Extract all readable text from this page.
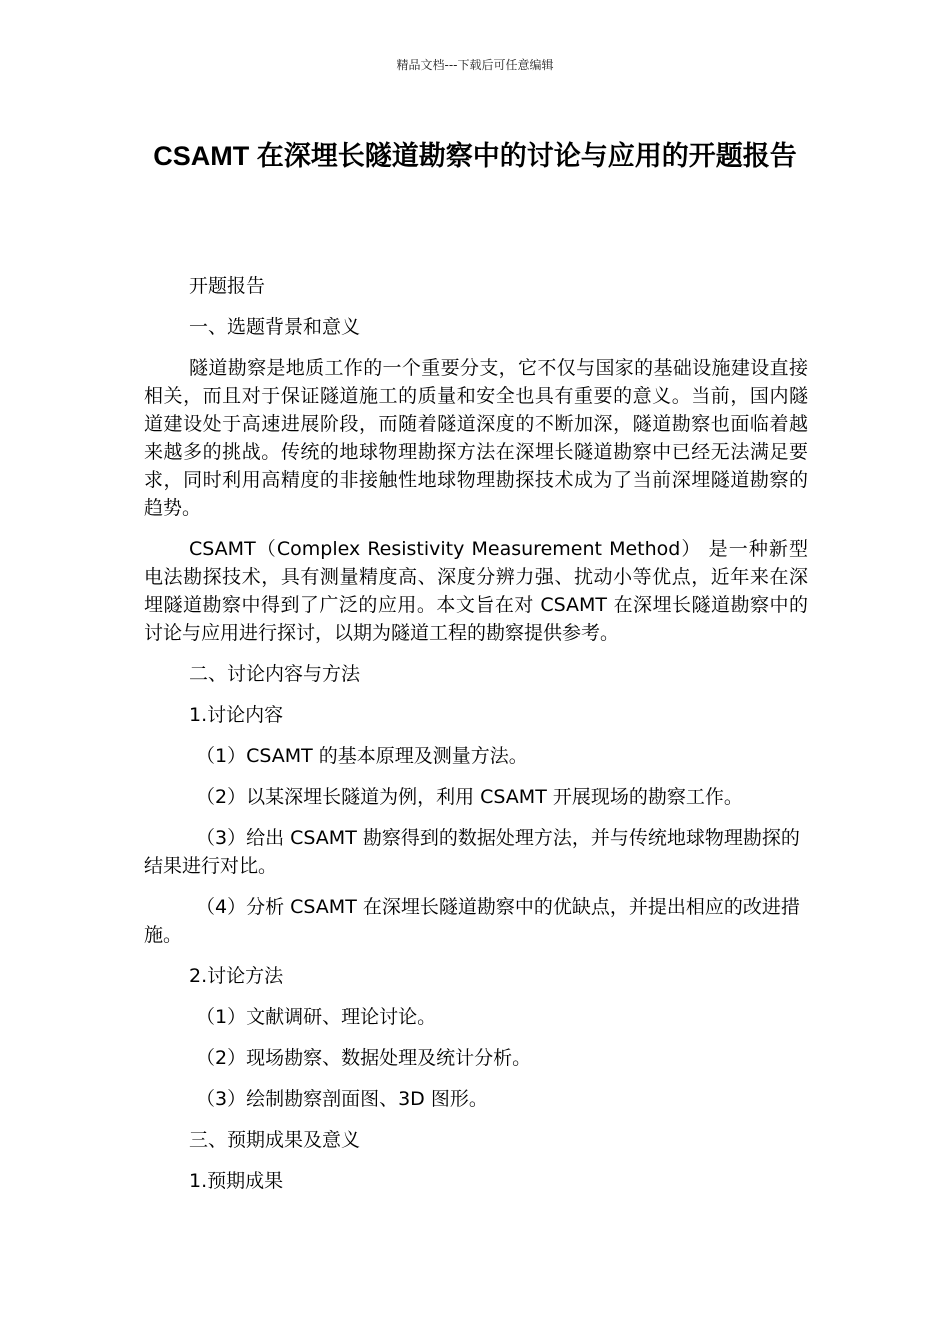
精品文档---下载后可任意编辑
CSAMT 在深埋长隧道勘察中的讨论与应用的开题报告

开题报告

一、选题背景和意义

隧道勘察是地质工作的一个重要分支，它不仅与国家的基础设施建设直接相关，而且对于保证隧道施工的质量和安全也具有重要的意义。当前，国内隧道建设处于高速进展阶段，而随着隧道深度的不断加深，隧道勘察也面临着越来越多的挑战。传统的地球物理勘探方法在深埋长隧道勘察中已经无法满足要求，同时利用高精度的非接触性地球物理勘探技术成为了当前深埋隧道勘察的趋势。

CSAMT（Complex Resistivity Measurement Method） 是一种新型电法勘探技术，具有测量精度高、深度分辨力强、扰动小等优点，近年来在深埋隧道勘察中得到了广泛的应用。本文旨在对 CSAMT 在深埋长隧道勘察中的讨论与应用进行探讨，以期为隧道工程的勘察提供参考。

二、讨论内容与方法

1.讨论内容

（1）CSAMT 的基本原理及测量方法。

（2）以某深埋长隧道为例，利用 CSAMT 开展现场的勘察工作。

（3）给出 CSAMT 勘察得到的数据处理方法，并与传统地球物理勘探的结果进行对比。

（4）分析 CSAMT 在深埋长隧道勘察中的优缺点，并提出相应的改进措施。

2.讨论方法

（1）文献调研、理论讨论。

（2）现场勘察、数据处理及统计分析。

（3）绘制勘察剖面图、3D 图形。

三、预期成果及意义

1.预期成果
